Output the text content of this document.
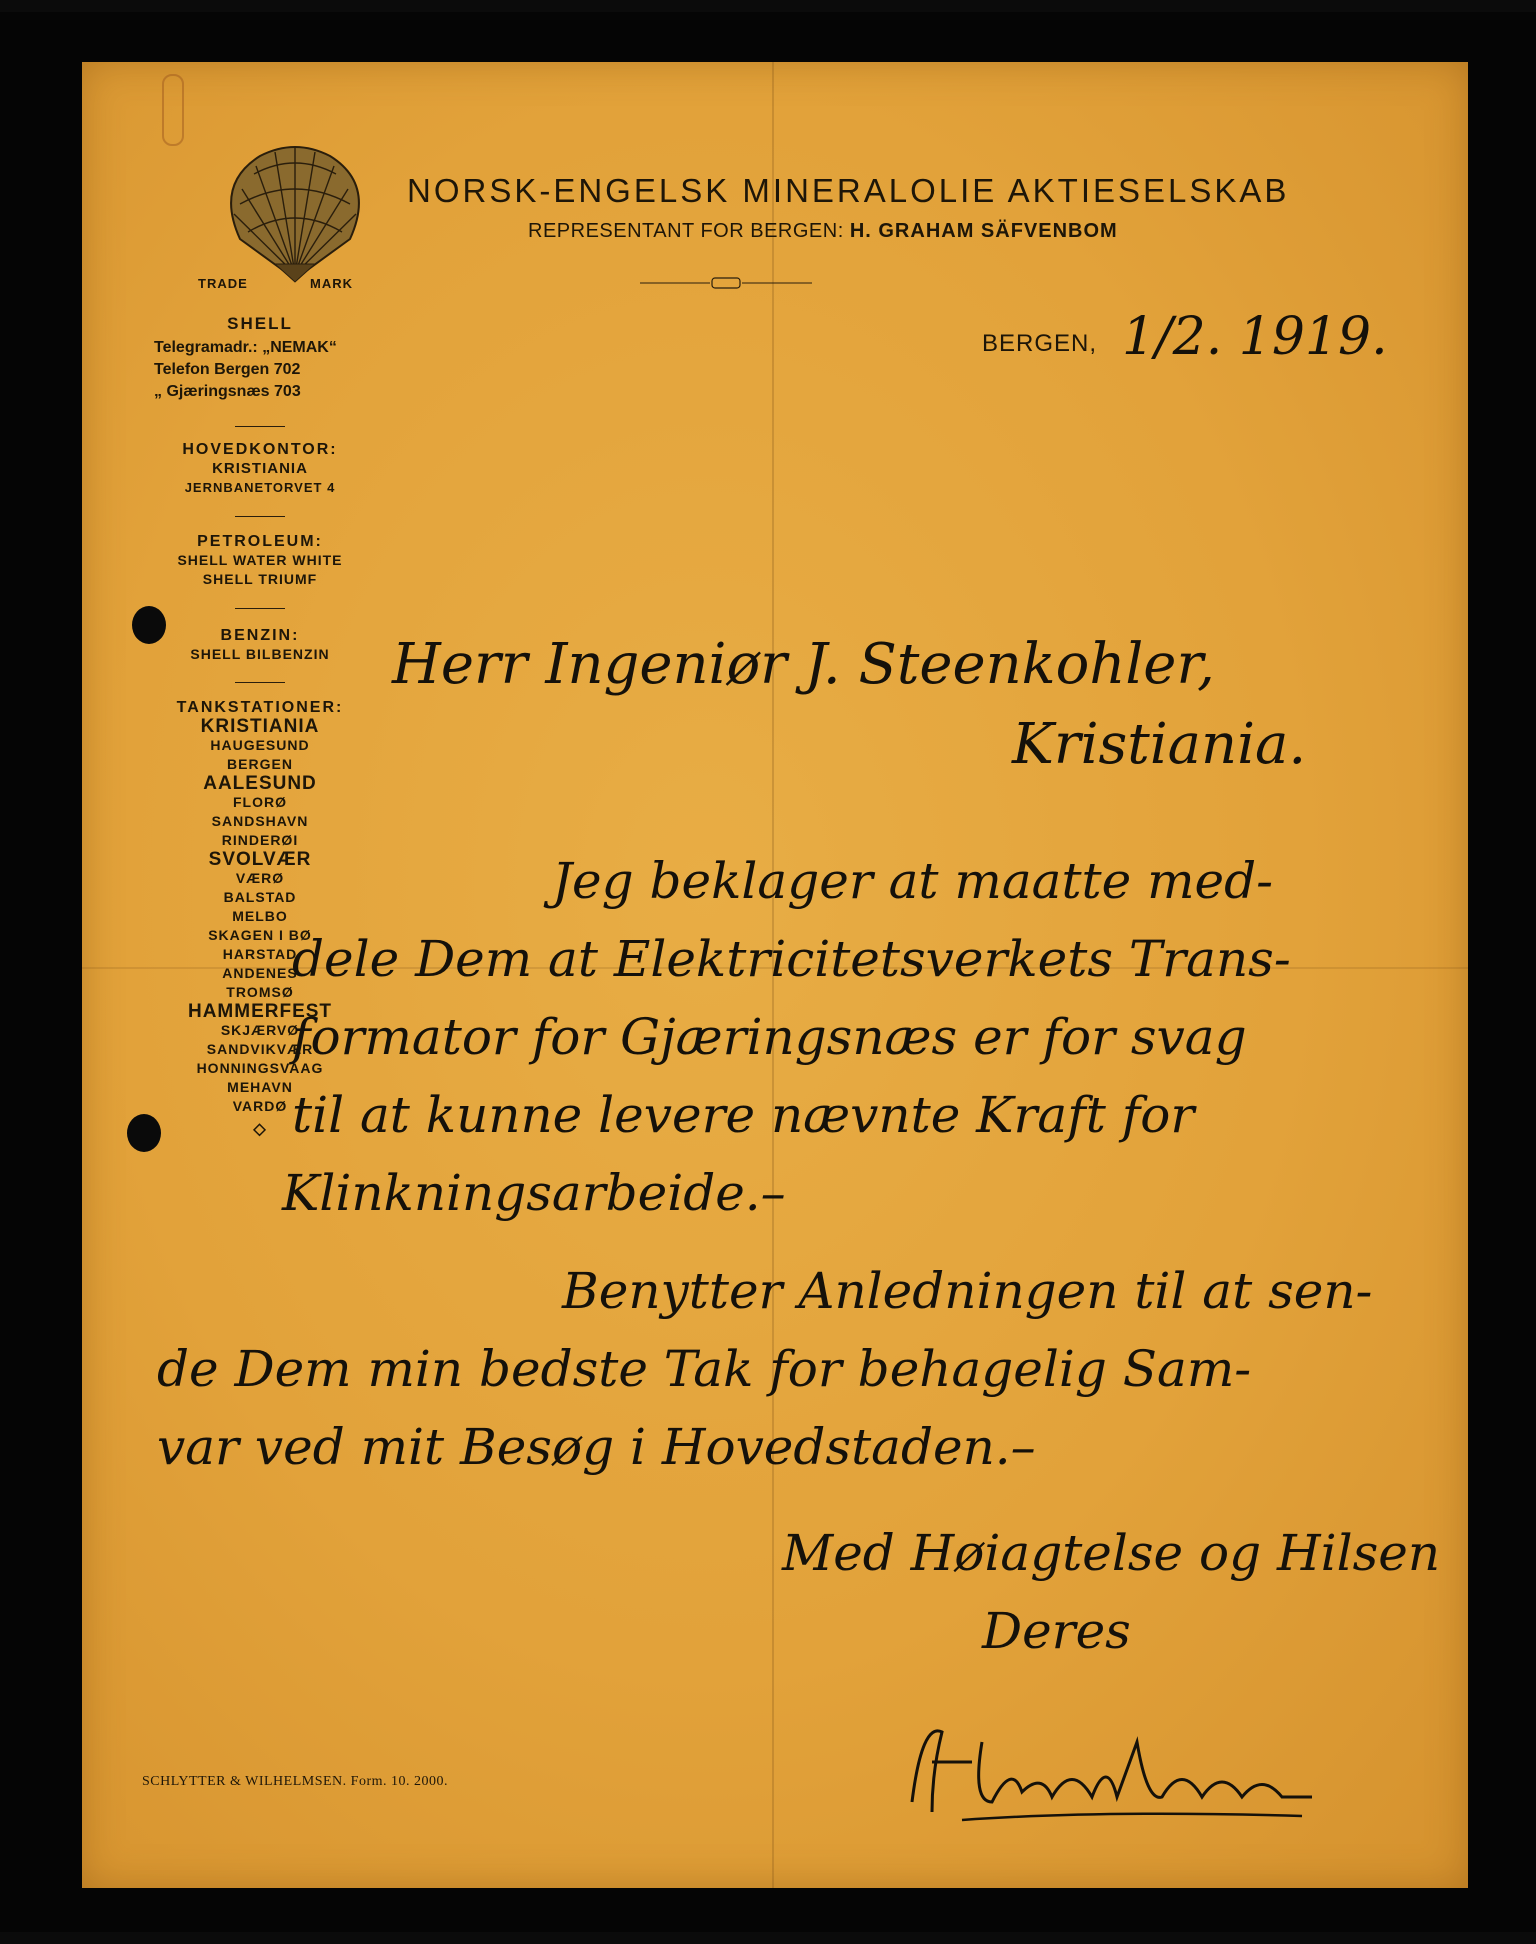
TRADE	MARK
SHELL
Telegramadr.: „NEMAK“
Telefon Bergen 702
„ Gjæringsnæs 703
HOVEDKONTOR:
KRISTIANIA
JERNBANETORVET 4
PETROLEUM:
SHELL WATER WHITE
SHELL TRIUMF
BENZIN:
SHELL BILBENZIN
TANKSTATIONER:
KRISTIANIA
HAUGESUND
BERGEN
AALESUND
FLORØ
SANDSHAVN
RINDERØI
SVOLVÆR
VÆRØ
BALSTAD
MELBO
SKAGEN I BØ
HARSTAD
ANDENES
TROMSØ
HAMMERFEST
SKJÆRVØ
SANDVIKVÆR
HONNINGSVAAG
MEHAVN
VARDØ
◇
NORSK-ENGELSK MINERALOLIE AKTIESELSKAB
REPRESENTANT FOR BERGEN: H. GRAHAM SÄFVENBOM
BERGEN, 1/2. 1919.
Herr Ingeniør J. Steenkohler,
Kristiania.
Jeg beklager at maatte med-
dele Dem at Elektricitetsverkets Trans-
formator for Gjæringsnæs er for svag
til at kunne levere nævnte Kraft for
Klinkningsarbeide.–
Benytter Anledningen til at sen-
de Dem min bedste Tak for behagelig Sam-
var ved mit Besøg i Hovedstaden.–
Med Høiagtelse og Hilsen
Deres
SCHLYTTER & WILHELMSEN. Form. 10. 2000.
